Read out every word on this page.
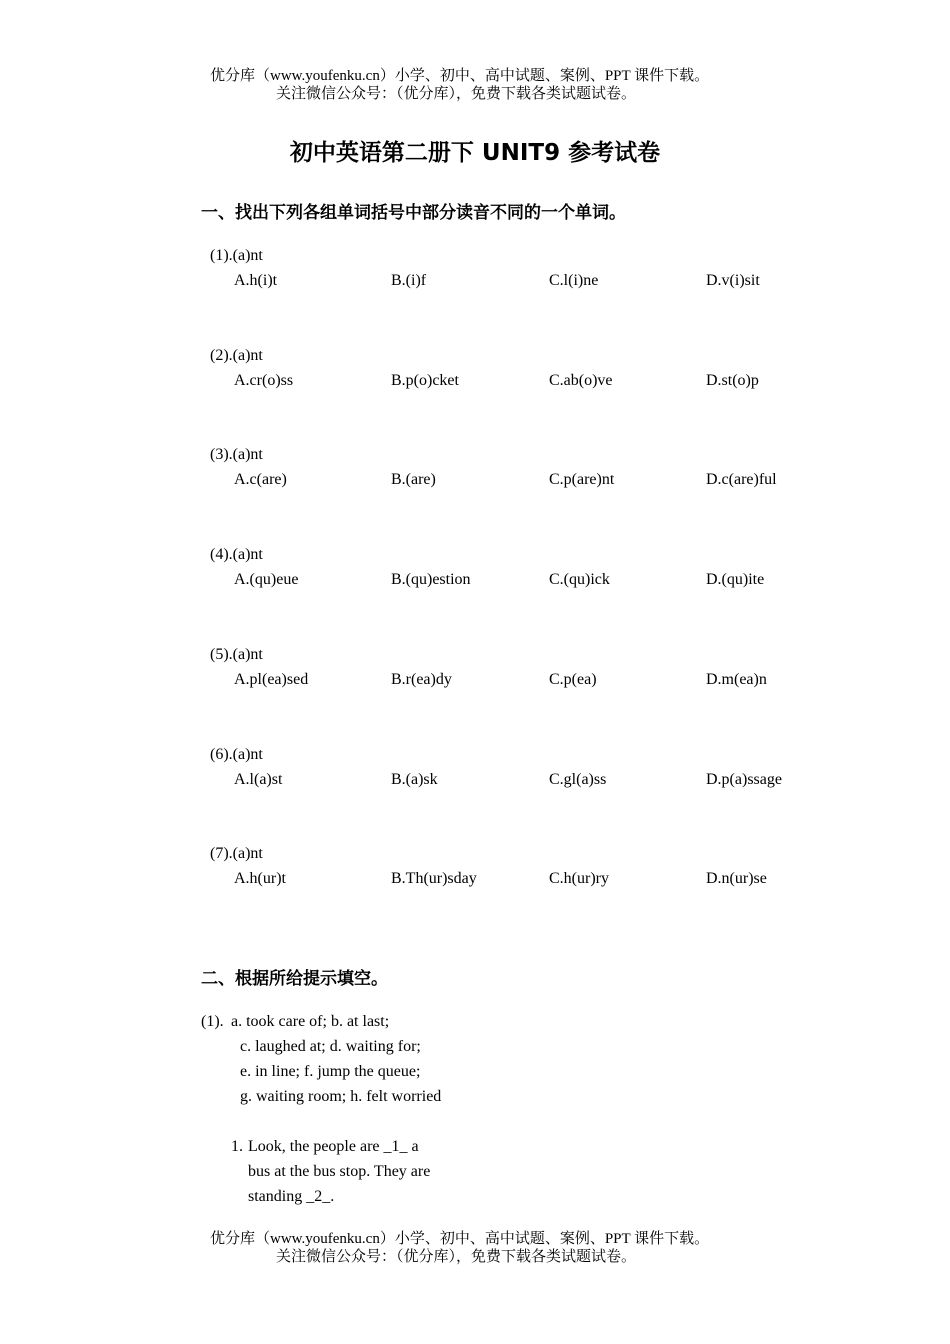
优分库（www.youfenku.cn）小学、初中、高中试题、案例、PPT 课件下载。
关注微信公众号：（优分库），免费下载各类试题试卷。
初中英语第二册下 UNIT9 参考试卷
一、找出下列各组单词括号中部分读音不同的一个单词。
(1).(a)nt
A.h(i)t	B.(i)f	C.l(i)ne	D.v(i)sit
(2).(a)nt
A.cr(o)ss	B.p(o)cket	C.ab(o)ve	D.st(o)p
(3).(a)nt
A.c(are)	B.(are)	C.p(are)nt	D.c(are)ful
(4).(a)nt
A.(qu)eue	B.(qu)estion	C.(qu)ick	D.(qu)ite
(5).(a)nt
A.pl(ea)sed	B.r(ea)dy	C.p(ea)	D.m(ea)n
(6).(a)nt
A.l(a)st	B.(a)sk	C.gl(a)ss	D.p(a)ssage
(7).(a)nt
A.h(ur)t	B.Th(ur)sday	C.h(ur)ry	D.n(ur)se
二、根据所给提示填空。
(1). a. took care of; b. at last;
c. laughed at; d. waiting for;
e. in line; f. jump the queue;
g. waiting room; h. felt worried
1. Look, the people are _1_ a
bus at the bus stop. They are
standing _2_.
优分库（www.youfenku.cn）小学、初中、高中试题、案例、PPT 课件下载。
关注微信公众号：（优分库），免费下载各类试题试卷。
